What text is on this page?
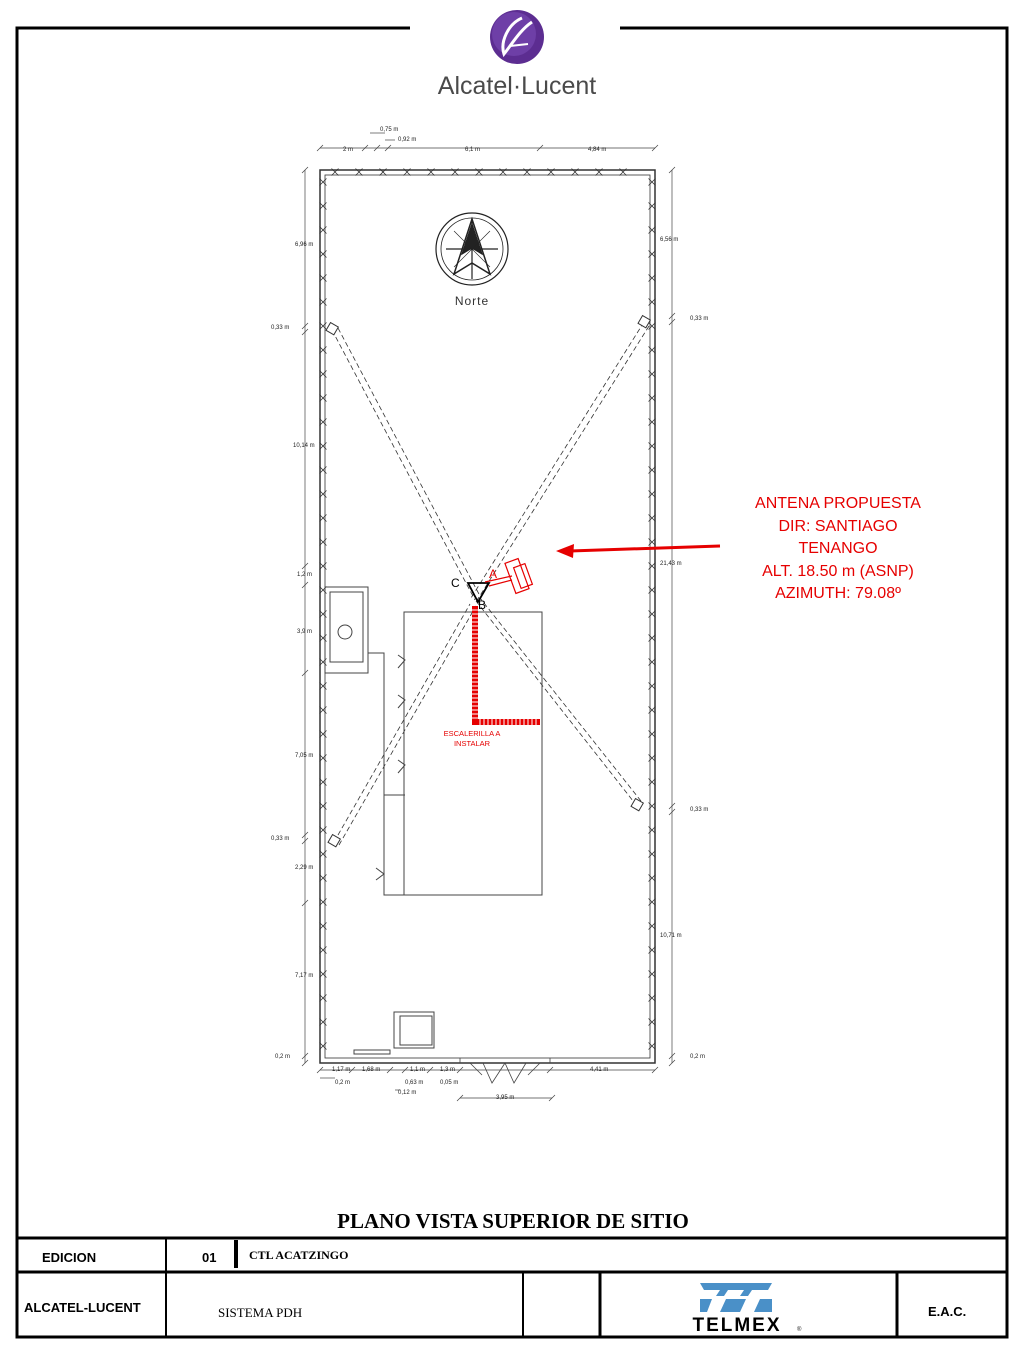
Alcatel·Lucent
2 m
0,75 m
0,92 m
6,1 m	4,84 m
6,96 m
0,33 m
10,14 m
1,2 m
3,9 m
7,05 m
0,33 m
2,29 m
7,17 m
0,2 m
6,56 m
0,33 m
21,43 m
0,33 m
10,71 m
0,2 m
1,17 m 1,68 m	1,1 m 1,3 m	4,41 m
0,2 m	0,63 m	0,05 m
0,12 m
3,95 m
Norte
C
B
A
ESCALERILLA A
INSTALAR
ANTENA PROPUESTA
DIR: SANTIAGO
TENANGO
ALT. 18.50 m (ASNP)
AZIMUTH: 79.08º
PLANO VISTA SUPERIOR DE SITIO
EDICION	01	CTL ACATZINGO
ALCATEL-LUCENT	SISTEMA PDH	E.A.C.
TELMEX	®
